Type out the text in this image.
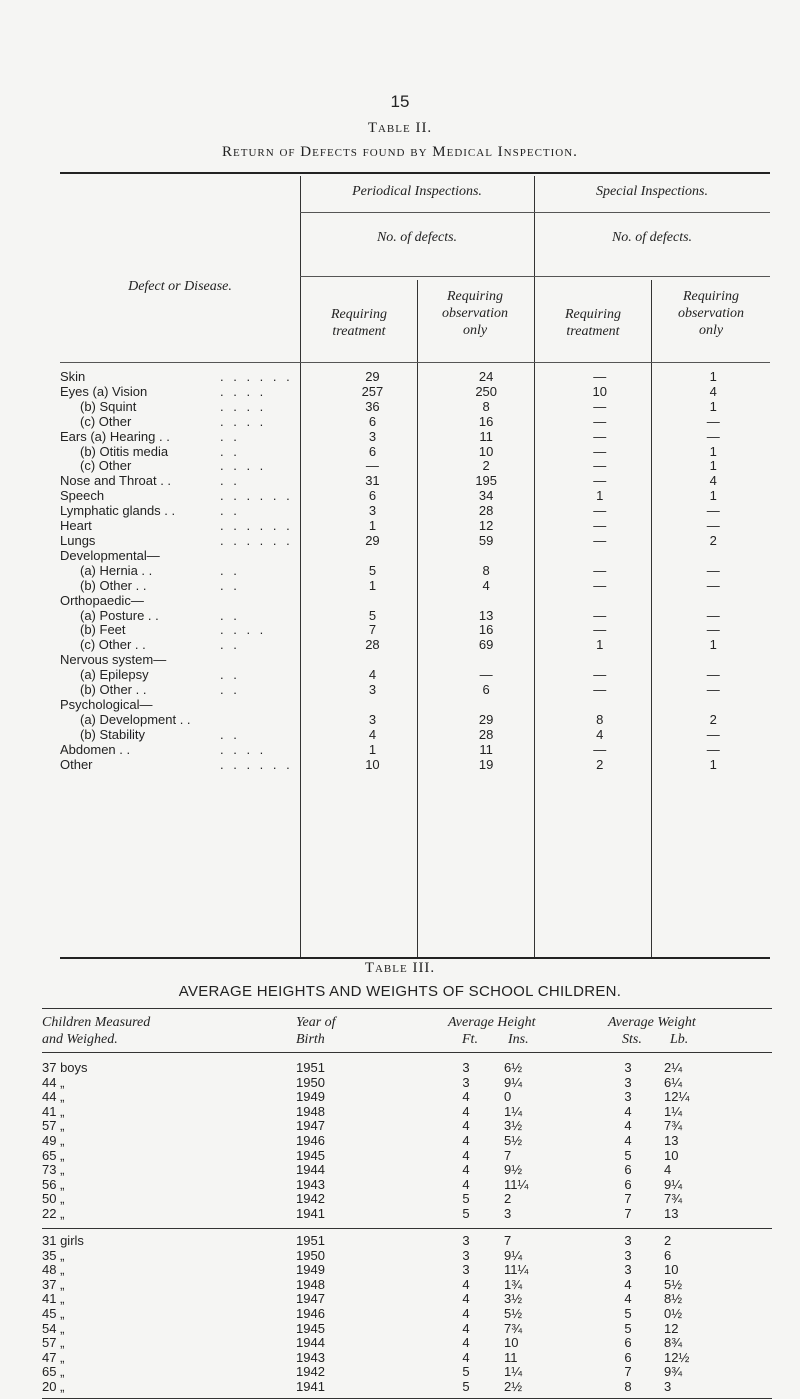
15
Table II.
Return of Defects found by Medical Inspection.
Defect or Disease.
Periodical Inspections.	Special Inspections.
No. of defects.	No. of defects.
Requiring treatment
Requiring observation only
Requiring treatment
Requiring observation only
Skin . . . . . .	29	24	—	1
Eyes (a) Vision . . . .	257	250	10	4
(b) Squint . . . .	36	8	—	1
(c) Other . . . .	6	16	—	—
Ears (a) Hearing . . . .	3	11	—	—
(b) Otitis media . .	6	10	—	1
(c) Other . . . .	—	2	—	1
Nose and Throat . . . .	31	195	—	4
Speech . . . . . .	6	34	1	1
Lymphatic glands . . . .	3	28	—	—
Heart . . . . . .	1	12	—	—
Lungs . . . . . .	29	59	—	2
Developmental—				
(a) Hernia . . . .	5	8	—	—
(b) Other . . . .	1	4	—	—
Orthopaedic—				
(a) Posture . . . .	5	13	—	—
(b) Feet . . . .	7	16	—	—
(c) Other . . . .	28	69	1	1
Nervous system—				
(a) Epilepsy . .	4	—	—	—
(b) Other . . . .	3	6	—	—
Psychological—				
(a) Development . .	3	29	8	2
(b) Stability . .	4	28	4	—
Abdomen . . . . . .	1	11	—	—
Other . . . . . .	10	19	2	1
Table III.
AVERAGE HEIGHTS AND WEIGHTS OF SCHOOL CHILDREN.
Children Measured
and Weighed.
Year of
Birth
Average Height
Ft. Ins.
Average Weight
Sts. Lb.
37 boys	1951	3	6½	3	2¼
44 „	1950	3	9¼	3	6¼
44 „	1949	4	0	3	12¼
41 „	1948	4	1¼	4	1¼
57 „	1947	4	3½	4	7¾
49 „	1946	4	5½	4	13
65 „	1945	4	7	5	10
73 „	1944	4	9½	6	4
56 „	1943	4	11¼	6	9¼
50 „	1942	5	2	7	7¾
22 „	1941	5	3	7	13
31 girls	1951	3	7	3	2
35 „	1950	3	9¼	3	6
48 „	1949	3	11¼	3	10
37 „	1948	4	1¾	4	5½
41 „	1947	4	3½	4	8½
45 „	1946	4	5½	5	0½
54 „	1945	4	7¾	5	12
57 „	1944	4	10	6	8¾
47 „	1943	4	11	6	12½
65 „	1942	5	1¼	7	9¾
20 „	1941	5	2½	8	3
